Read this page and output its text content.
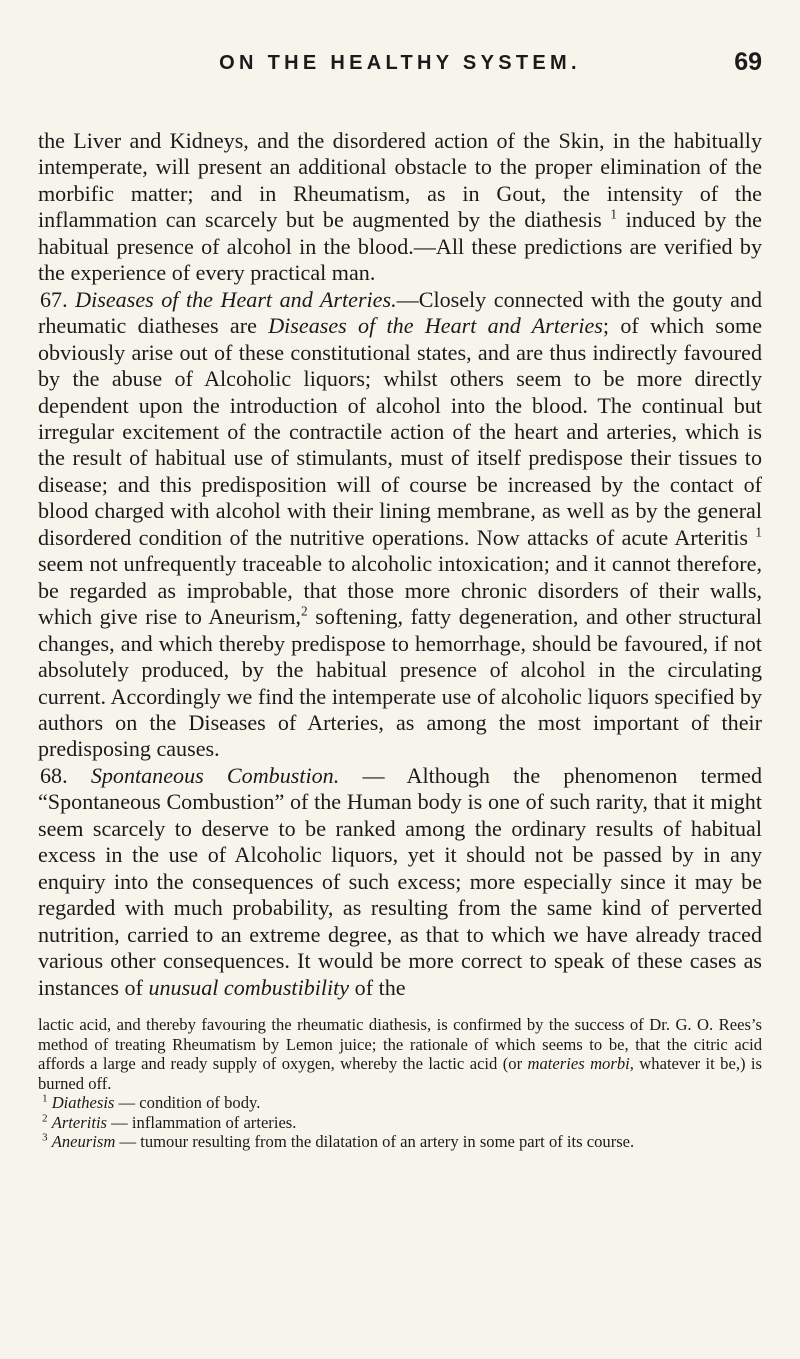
ON THE HEALTHY SYSTEM.	69

the Liver and Kidneys, and the disordered action of the Skin, in the habitually intemperate, will present an additional obstacle to the proper elimination of the morbific matter; and in Rheumatism, as in Gout, the intensity of the inflammation can scarcely but be augmented by the diathesis $^1$ induced by the habitual presence of alcohol in the blood.—All these predictions are verified by the experience of every practical man.

67. Diseases of the Heart and Arteries.—Closely connected with the gouty and rheumatic diatheses are Diseases of the Heart and Arteries; of which some obviously arise out of these constitutional states, and are thus indirectly favoured by the abuse of Alcoholic liquors; whilst others seem to be more directly dependent upon the introduction of alcohol into the blood. The continual but irregular excitement of the contractile action of the heart and arteries, which is the result of habitual use of stimulants, must of itself predispose their tissues to disease; and this predisposition will of course be increased by the contact of blood charged with alcohol with their lining membrane, as well as by the general disordered condition of the nutritive operations. Now attacks of acute Arteritis $^1$ seem not unfrequently traceable to alcoholic intoxication; and it cannot therefore, be regarded as improbable, that those more chronic disorders of their walls, which give rise to Aneurism,$^2$ softening, fatty degeneration, and other structural changes, and which thereby predispose to hemorrhage, should be favoured, if not absolutely produced, by the habitual presence of alcohol in the circulating current. Accordingly we find the intemperate use of alcoholic liquors specified by authors on the Diseases of Arteries, as among the most important of their predisposing causes.

68. Spontaneous Combustion. — Although the phenomenon termed “Spontaneous Combustion” of the Human body is one of such rarity, that it might seem scarcely to deserve to be ranked among the ordinary results of habitual excess in the use of Alcoholic liquors, yet it should not be passed by in any enquiry into the consequences of such excess; more especially since it may be regarded with much probability, as resulting from the same kind of perverted nutrition, carried to an extreme degree, as that to which we have already traced various other consequences. It would be more correct to speak of these cases as instances of unusual combustibility of the

lactic acid, and thereby favouring the rheumatic diathesis, is confirmed by the success of Dr. G. O. Rees’s method of treating Rheumatism by Lemon juice; the rationale of which seems to be, that the citric acid affords a large and ready supply of oxygen, whereby the lactic acid (or materies morbi, whatever it be,) is burned off.

$^1$ Diathesis — condition of body.

$^2$ Arteritis — inflammation of arteries.

$^3$ Aneurism — tumour resulting from the dilatation of an artery in some part of its course.
